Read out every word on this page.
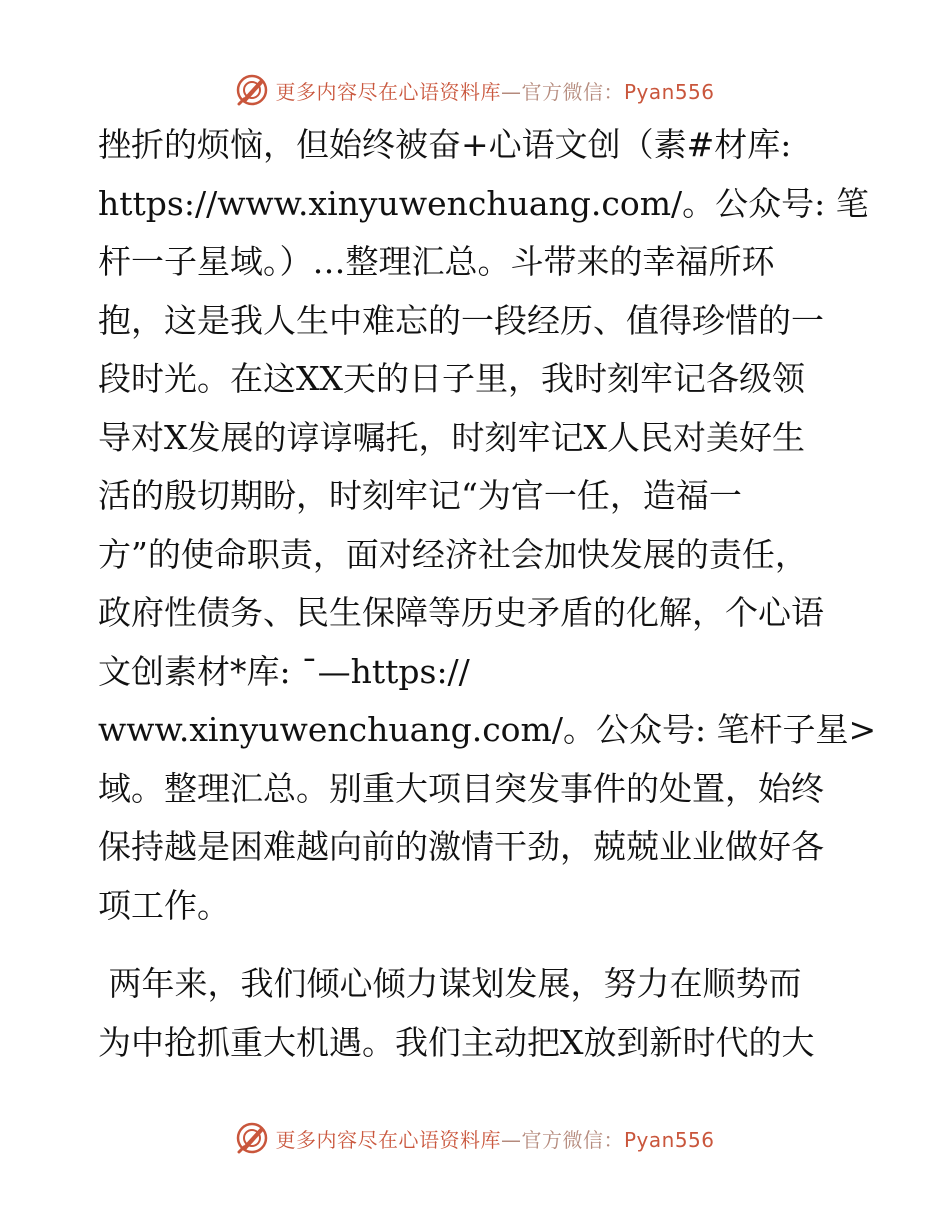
更多内容尽在心语资料库—官方微信：Pyan556
挫折的烦恼，但始终被奋+心语文创（素#材库:
https://www.xinyuwenchuang.com/。公众号: 笔
杆一子星域。）…整理汇总。斗带来的幸福所环
抱，这是我人生中难忘的一段经历、值得珍惜的一
段时光。在这XX天的日子里，我时刻牢记各级领
导对X发展的谆谆嘱托，时刻牢记X人民对美好生
活的殷切期盼，时刻牢记“为官一任，造福一
方”的使命职责，面对经济社会加快发展的责任，
政府性债务、民生保障等历史矛盾的化解，个心语
文创素材*库: ¯—https://
www.xinyuwenchuang.com/。公众号: 笔杆子星>
域。整理汇总。别重大项目突发事件的处置，始终
保持越是困难越向前的激情干劲，兢兢业业做好各
项工作。
两年来，我们倾心倾力谋划发展，努力在顺势而
为中抢抓重大机遇。我们主动把X放到新时代的大
更多内容尽在心语资料库—官方微信：Pyan556
